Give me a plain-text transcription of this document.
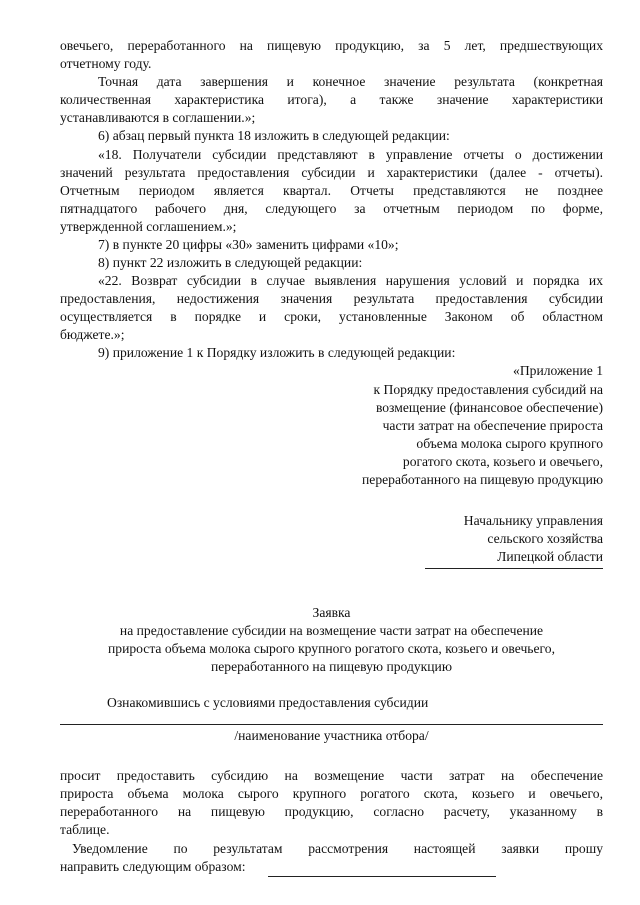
овечьего, переработанного на пищевую продукцию, за 5 лет, предшествующих
отчетному году.
Точная дата завершения и конечное значение результата (конкретная
количественная характеристика итога), а также значение характеристики
устанавливаются в соглашении.»;
6) абзац первый пункта 18 изложить в следующей редакции:
«18. Получатели субсидии представляют в управление отчеты о достижении
значений результата предоставления субсидии и характеристики (далее - отчеты).
Отчетным периодом является квартал. Отчеты представляются не позднее
пятнадцатого рабочего дня, следующего за отчетным периодом по форме,
утвержденной соглашением.»;
7) в пункте 20 цифры «30» заменить цифрами «10»;
8) пункт 22 изложить в следующей редакции:
«22. Возврат субсидии в случае выявления нарушения условий и порядка их
предоставления, недостижения значения результата предоставления субсидии
осуществляется в порядке и сроки, установленные Законом об областном
бюджете.»;
9) приложение 1 к Порядку изложить в следующей редакции:
«Приложение 1
к Порядку предоставления субсидий на
возмещение (финансовое обеспечение)
части затрат на обеспечение прироста
объема молока сырого крупного
рогатого скота, козьего и овечьего,
переработанного на пищевую продукцию
Начальнику управления
сельского хозяйства
Липецкой области
Заявка
на предоставление субсидии на возмещение части затрат на обеспечение
прироста объема молока сырого крупного рогатого скота, козьего и овечьего,
переработанного на пищевую продукцию
Ознакомившись с условиями предоставления субсидии
/наименование участника отбора/
просит предоставить субсидию на возмещение части затрат на обеспечение
прироста объема молока сырого крупного рогатого скота, козьего и овечьего,
переработанного на пищевую продукцию, согласно расчету, указанному в
таблице.
Уведомление по результатам рассмотрения настоящей заявки прошу
направить следующим образом:
